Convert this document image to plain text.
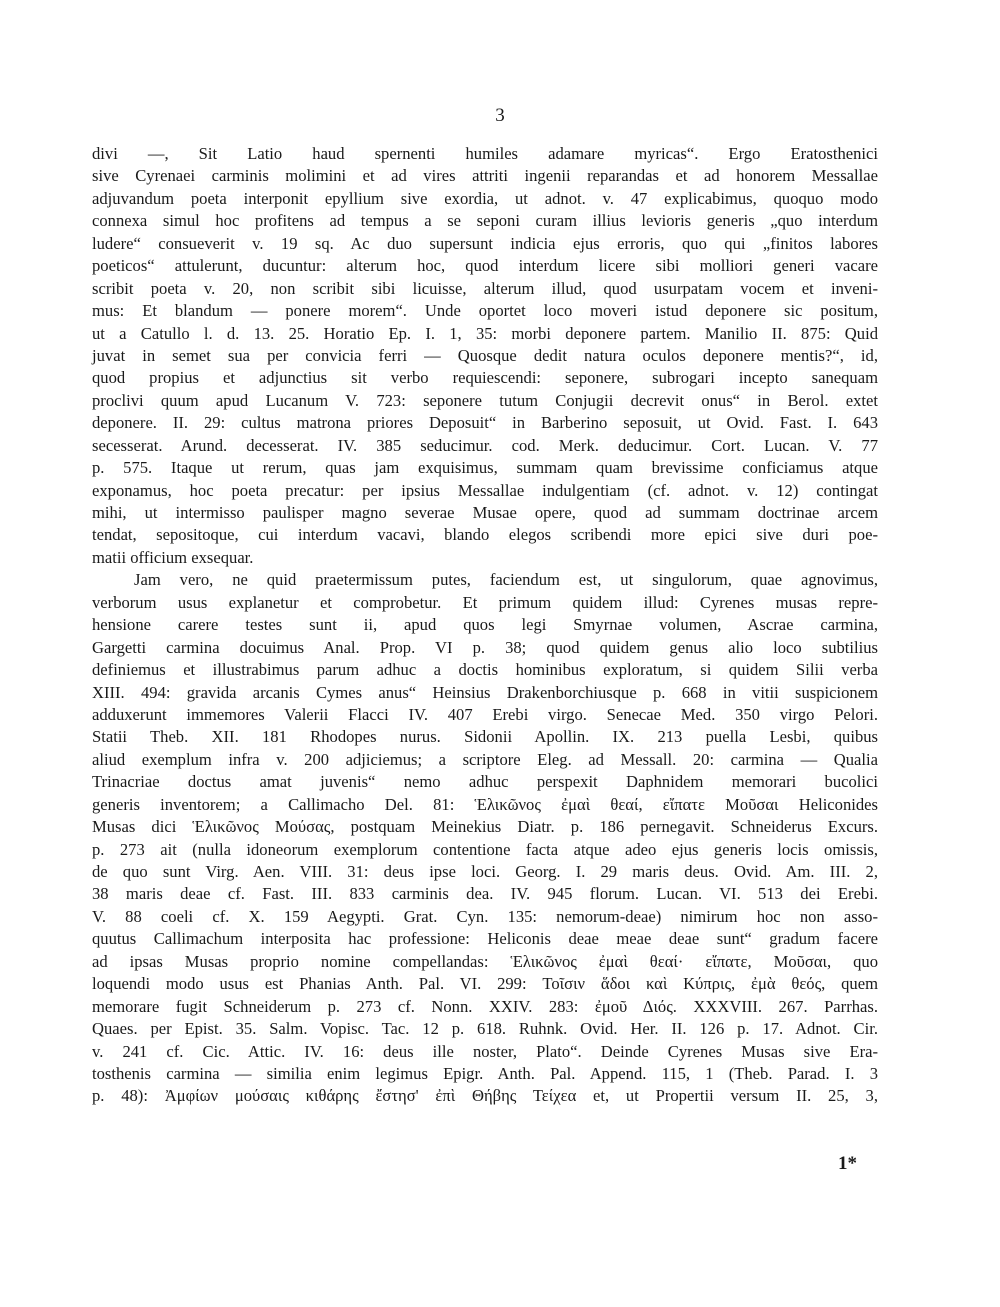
3
divi —, Sit Latio haud spernenti humiles adamare myricas“. Ergo Eratosthenici
sive Cyrenaei carminis molimini et ad vires attriti ingenii reparandas et ad honorem Messallae
adjuvandum poeta interponit epyllium sive exordia, ut adnot. v. 47 explicabimus, quoquo modo
connexa simul hoc profitens ad tempus a se seponi curam illius levioris generis „quo interdum
ludere“ consueverit v. 19 sq. Ac duo supersunt indicia ejus erroris, quo qui „finitos labores
poeticos“ attulerunt, ducuntur: alterum hoc, quod interdum licere sibi molliori generi vacare
scribit poeta v. 20, non scribit sibi licuisse, alterum illud, quod usurpatam vocem et inveni-
mus: Et blandum — ponere morem“. Unde oportet loco moveri istud deponere sic positum,
ut a Catullo l. d. 13. 25. Horatio Ep. I. 1, 35: morbi deponere partem. Manilio II. 875: Quid
juvat in semet sua per convicia ferri — Quosque dedit natura oculos deponere mentis?“, id,
quod propius et adjunctius sit verbo requiescendi: seponere, subrogari incepto sanequam
proclivi quum apud Lucanum V. 723: seponere tutum Conjugii decrevit onus“ in Berol. extet
deponere. II. 29: cultus matrona priores Deposuit“ in Barberino seposuit, ut Ovid. Fast. I. 643
secesserat. Arund. decesserat. IV. 385 seducimur. cod. Merk. deducimur. Cort. Lucan. V. 77
p. 575. Itaque ut rerum, quas jam exquisimus, summam quam brevissime conficiamus atque
exponamus, hoc poeta precatur: per ipsius Messallae indulgentiam (cf. adnot. v. 12) contingat
mihi, ut intermisso paulisper magno severae Musae opere, quod ad summam doctrinae arcem
tendat, sepositoque, cui interdum vacavi, blando elegos scribendi more epici sive duri poe-
matii officium exsequar.
Jam vero, ne quid praetermissum putes, faciendum est, ut singulorum, quae agnovimus,
verborum usus explanetur et comprobetur. Et primum quidem illud: Cyrenes musas repre-
hensione carere testes sunt ii, apud quos legi Smyrnae volumen, Ascrae carmina,
Gargetti carmina docuimus Anal. Prop. VI p. 38; quod quidem genus alio loco subtilius
definiemus et illustrabimus parum adhuc a doctis hominibus exploratum, si quidem Silii verba
XIII. 494: gravida arcanis Cymes anus“ Heinsius Drakenborchiusque p. 668 in vitii suspicionem
adduxerunt immemores Valerii Flacci IV. 407 Erebi virgo. Senecae Med. 350 virgo Pelori.
Statii Theb. XII. 181 Rhodopes nurus. Sidonii Apollin. IX. 213 puella Lesbi, quibus
aliud exemplum infra v. 200 adjiciemus; a scriptore Eleg. ad Messall. 20: carmina — Qualia
Trinacriae doctus amat juvenis“ nemo adhuc perspexit Daphnidem memorari bucolici
generis inventorem; a Callimacho Del. 81: Ἑλικῶνος ἐμαὶ θεαί, εἴπατε Μοῦσαι Heliconides
Musas dici Ἑλικῶνος Μούσας, postquam Meinekius Diatr. p. 186 pernegavit. Schneiderus Excurs.
p. 273 ait (nulla idoneorum exemplorum contentione facta atque adeo ejus generis locis omissis,
de quo sunt Virg. Aen. VIII. 31: deus ipse loci. Georg. I. 29 maris deus. Ovid. Am. III. 2,
38 maris deae cf. Fast. III. 833 carminis dea. IV. 945 florum. Lucan. VI. 513 dei Erebi.
V. 88 coeli cf. X. 159 Aegypti. Grat. Cyn. 135: nemorum-deae) nimirum hoc non asso-
quutus Callimachum interposita hac professione: Heliconis deae meae deae sunt“ gradum facere
ad ipsas Musas proprio nomine compellandas: Ἑλικῶνος ἐμαὶ θεαί· εἴπατε, Μοῦσαι, quo
loquendi modo usus est Phanias Anth. Pal. VI. 299: Τοῖσιν ἅδοι καὶ Κύπρις, ἐμὰ θεός, quem
memorare fugit Schneiderum p. 273 cf. Nonn. XXIV. 283: ἐμοῦ Διός. XXXVIII. 267. Parrhas.
Quaes. per Epist. 35. Salm. Vopisc. Tac. 12 p. 618. Ruhnk. Ovid. Her. II. 126 p. 17. Adnot. Cir.
v. 241 cf. Cic. Attic. IV. 16: deus ille noster, Plato“. Deinde Cyrenes Musas sive Era-
tosthenis carmina — similia enim legimus Epigr. Anth. Pal. Append. 115, 1 (Theb. Parad. I. 3
p. 48): Ἀμφίων μούσαις κιθάρης ἔστησ' ἐπὶ Θήβης Τείχεα et, ut Propertii versum II. 25, 3,
1*
